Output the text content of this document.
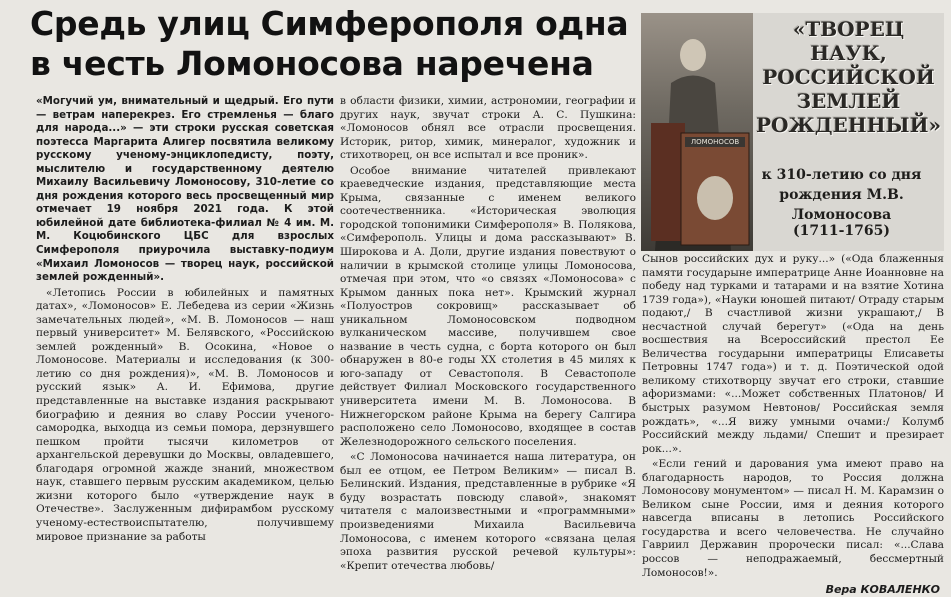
Средь улиц Симферополя одна в честь Ломоносова наречена

«Могучий ум, внимательный и щедрый. Его пути — ветрам наперекрез. Его стремленья — благо для народа...» — эти строки русская советская поэтесса Маргарита Алигер посвятила великому русскому ученому-энциклопедисту, поэту, мыслителю и государственному деятелю Михаилу Васильевичу Ломоносову, 310-летие со дня рождения которого весь просвещенный мир отмечает 19 ноября 2021 года. К этой юбилейной дате библиотека-филиал № 4 им. М. М. Коцюбинского ЦБС для взрослых Симферополя приурочила выставку-подиум «Михаил Ломоносов — творец наук, российской землей рожденный».

«Летопись России в юбилейных и памятных датах», «Ломоносов» Е. Лебедева из серии «Жизнь замечательных людей», «М. В. Ломоносов — наш первый университет» М. Белявского, «Российскою землей рожденный» В. Осокина, «Новое о Ломоносове. Материалы и исследования (к 300-летию со дня рождения)», «М. В. Ломоносов и русский язык» А. И. Ефимова, другие представленные на выставке издания раскрывают биографию и деяния во славу России ученого-самородка, выходца из семьи помора, дерзнувшего пешком пройти тысячи километров от архангельской деревушки до Москвы, овладевшего, благодаря огромной жажде знаний, множеством наук, ставшего первым русским академиком, целью жизни которого было «утверждение наук в Отечестве». Заслуженным дифирамбом русскому ученому-естествоиспытателю, получившему мировое признание за работы

в области физики, химии, астрономии, географии и других наук, звучат строки А. С. Пушкина: «Ломоносов обнял все отрасли просвещения. Историк, ритор, химик, минералог, художник и стихотворец, он все испытал и все проник».

Особое внимание читателей привлекают краеведческие издания, представляющие места Крыма, связанные с именем великого соотечественника. «Историческая эволюция городской топонимики Симферополя» В. Полякова, «Симферополь. Улицы и дома рассказывают» В. Широкова и А. Доли, другие издания повествуют о наличии в крымской столице улицы Ломоносова, отмечая при этом, что «о связях «Ломоносова» с Крымом данных пока нет». Крымский журнал «Полуостров сокровищ» рассказывает об уникальном Ломоносовском подводном вулканическом массиве, получившем свое название в честь судна, с борта которого он был обнаружен в 80-е годы XX столетия в 45 милях к юго-западу от Севастополя. В Севастополе действует Филиал Московского государственного университета имени М. В. Ломоносова. В Нижнегорском районе Крыма на берегу Салгира расположено село Ломоносово, входящее в состав Железнодорожного сельского поселения.

«С Ломоносова начинается наша литература, он был ее отцом, ее Петром Великим» — писал В. Белинский. Издания, представленные в рубрике «Я буду возрастать повсюду славой», знакомят читателя с малоизвестными и «программными» произведениями Михаила Васильевича Ломоносова, с именем которого «связана целая эпоха развития русской речевой культуры»: «Крепит отечества любовь/

ЛОМОНОСОВ

«ТВОРЕЦ НАУК, РОССИЙСКОЙ ЗЕМЛЕЙ РОЖДЕННЫЙ»

к 310-летию со дня рождения М.В. Ломоносова
(1711-1765)

Сынов российских дух и руку...» («Ода блаженныя памяти государыне императрице Анне Иоанновне на победу над турками и татарами и на взятие Хотина 1739 года»), «Науки юношей питают/ Отраду старым подают,/ В счастливой жизни украшают,/ В несчастной случай берегут» («Ода на день восшествия на Всероссийский престол Ее Величества государыни императрицы Елисаветы Петровны 1747 года») и т. д. Поэтической одой великому стихотворцу звучат его строки, ставшие афоризмами: «...Может собственных Платонов/ И быстрых разумом Невтонов/ Российская земля рождать», «...Я вижу умными очами:/ Колумб Российский между льдами/ Спешит и презирает рок...».

«Если гений и дарования ума имеют право на благодарность народов, то Россия должна Ломоносову монументом» — писал Н. М. Карамзин о Великом сыне России, имя и деяния которого навсегда вписаны в летопись Российского государства и всего человечества. Не случайно Гавриил Державин пророчески писал: «...Слава россов — неподражаемый, бессмертный Ломоносов!».

Вера КОВАЛЕНКО
